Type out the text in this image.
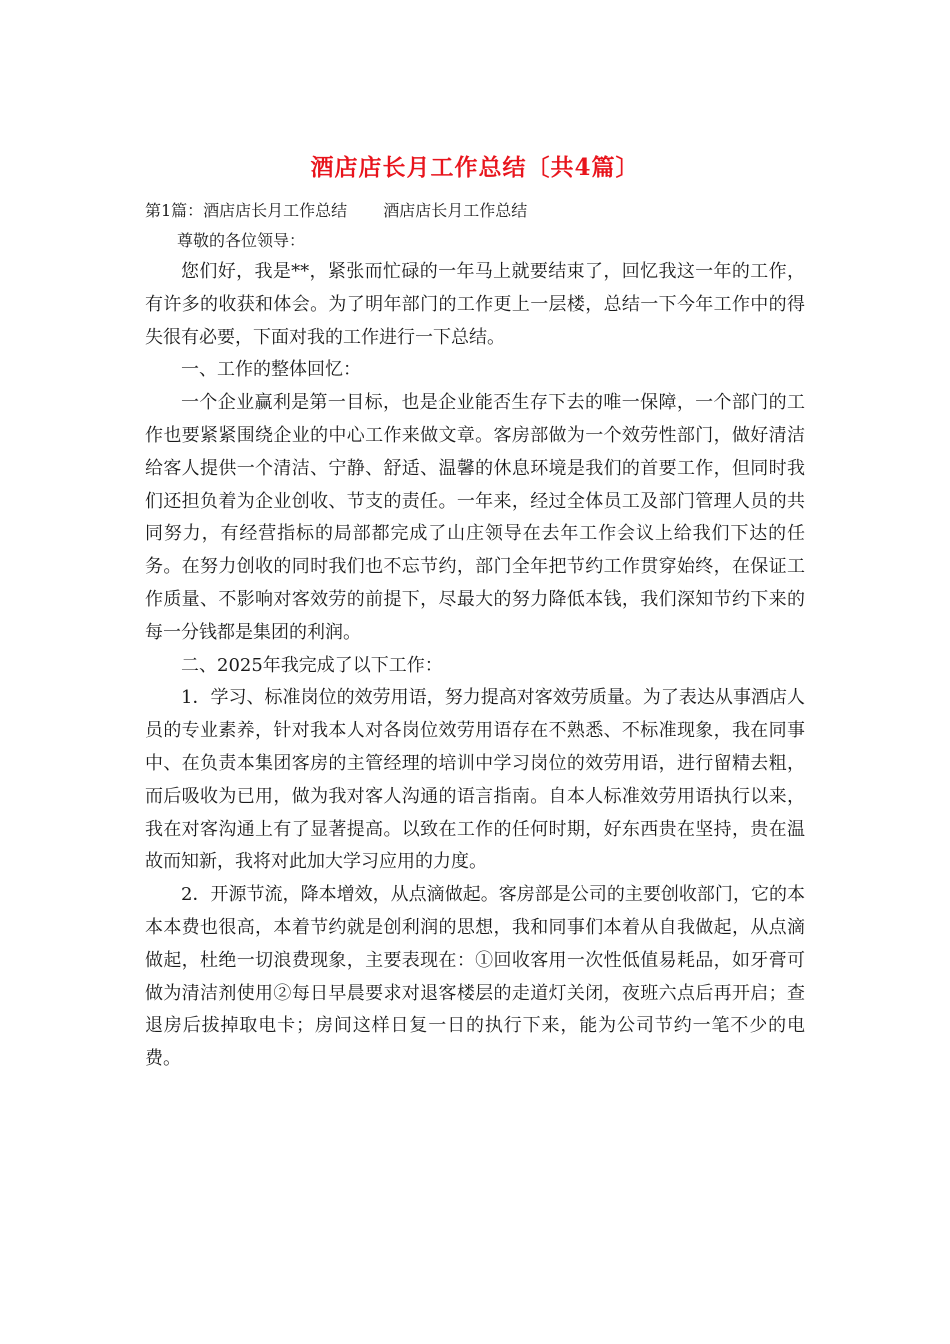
酒店店长月工作总结〔共4篇〕
第1篇：酒店店长月工作总结 酒店店长月工作总结

尊敬的各位领导：

您们好，我是**，紧张而忙碌的一年马上就要结束了，回忆我这一年的工作，有许多的收获和体会。为了明年部门的工作更上一层楼，总结一下今年工作中的得失很有必要，下面对我的工作进行一下总结。

一、工作的整体回忆：

一个企业赢利是第一目标，也是企业能否生存下去的唯一保障，一个部门的工作也要紧紧围绕企业的中心工作来做文章。客房部做为一个效劳性部门，做好清洁给客人提供一个清洁、宁静、舒适、温馨的休息环境是我们的首要工作，但同时我们还担负着为企业创收、节支的责任。一年来，经过全体员工及部门管理人员的共同努力，有经营指标的局部都完成了山庄领导在去年工作会议上给我们下达的任务。在努力创收的同时我们也不忘节约，部门全年把节约工作贯穿始终，在保证工作质量、不影响对客效劳的前提下，尽最大的努力降低本钱，我们深知节约下来的每一分钱都是集团的利润。

二、2025年我完成了以下工作：

1．学习、标准岗位的效劳用语，努力提高对客效劳质量。为了表达从事酒店人员的专业素养，针对我本人对各岗位效劳用语存在不熟悉、不标准现象，我在同事中、在负责本集团客房的主管经理的培训中学习岗位的效劳用语，进行留精去粗，而后吸收为已用，做为我对客人沟通的语言指南。自本人标准效劳用语执行以来，我在对客沟通上有了显著提高。以致在工作的任何时期，好东西贵在坚持，贵在温故而知新，我将对此加大学习应用的力度。

2．开源节流，降本增效，从点滴做起。客房部是公司的主要创收部门，它的本本本费也很高，本着节约就是创利润的思想，我和同事们本着从自我做起，从点滴做起，杜绝一切浪费现象，主要表现在：①回收客用一次性低值易耗品，如牙膏可做为清洁剂使用②每日早晨要求对退客楼层的走道灯关闭，夜班六点后再开启；查退房后拔掉取电卡；房间这样日复一日的执行下来，能为公司节约一笔不少的电费。
